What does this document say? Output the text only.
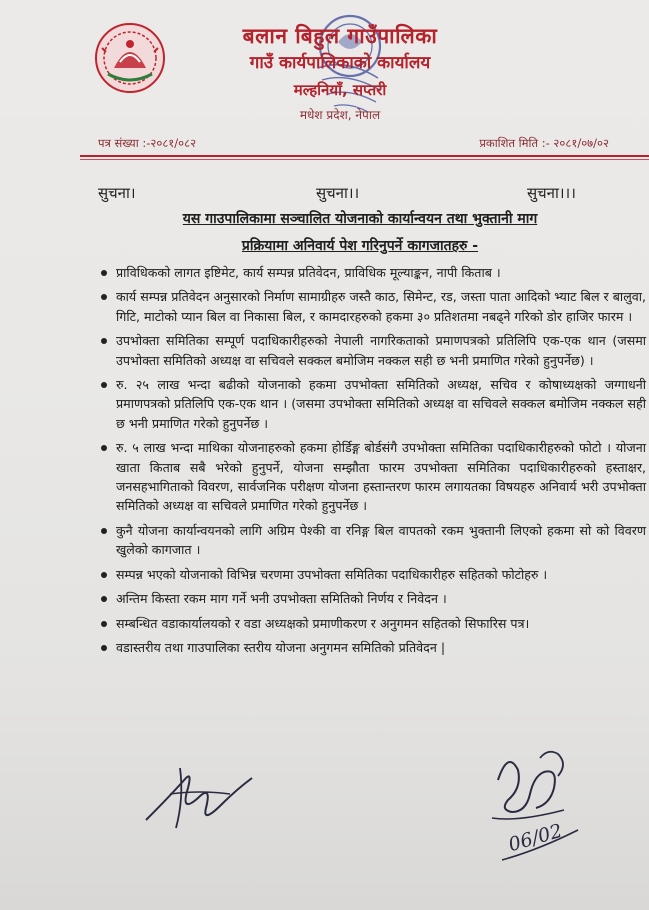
बलान बिहुल गाउँपालिका
गाउँ कार्यपालिकाको कार्यालय
मल्हनियाँ, सप्तरी
मधेश प्रदेश, नेपाल
पत्र संख्या :-२०८१/०८२	प्रकाशित मिति :- २०८१/०७/०२
सुचना।	सुचना।।	सुचना।।।
यस गाउपालिकामा सञ्चालित योजनाको कार्यान्वयन तथा भुक्तानी माग
प्रक्रियामा अनिवार्य पेश गरिनुपर्ने कागजातहरु -
प्राविधिकको लागत इष्टिमेट, कार्य सम्पन्न प्रतिवेदन, प्राविधिक मूल्याङ्कन, नापी किताब ।
कार्य सम्पन्न प्रतिवेदन अनुसारको निर्माण सामाग्रीहरु जस्तै काठ, सिमेन्ट, रड, जस्ता पाता आदिको भ्याट बिल र बालुवा, गिटि, माटोको प्यान बिल वा निकासा बिल, र कामदारहरुको हकमा ३० प्रतिशतमा नबढ्ने गरिको डोर हाजिर फारम ।
उपभोक्ता समितिका सम्पूर्ण पदाधिकारीहरुको नेपाली नागरिकताको प्रमाणपत्रको प्रतिलिपि एक-एक थान (जसमा उपभोक्ता समितिको अध्यक्ष वा सचिवले सक्कल बमोजिम नक्कल सही छ भनी प्रमाणित गरेको हुनुपर्नेछ) ।
रु. २५ लाख भन्दा बढीको योजनाको हकमा उपभोक्ता समितिको अध्यक्ष, सचिव र कोषाध्यक्षको जग्गाधनी प्रमाणपत्रको प्रतिलिपि एक-एक थान । (जसमा उपभोक्ता समितिको अध्यक्ष वा सचिवले सक्कल बमोजिम नक्कल सही छ भनी प्रमाणित गरेको हुनुपर्नेछ ।
रु. ५ लाख भन्दा माथिका योजनाहरुको हकमा होर्डिङ्ग बोर्डसंगै उपभोक्ता समितिका पदाधिकारीहरुको फोटो । योजना खाता किताब सबै भरेको हुनुपर्ने, योजना सम्झौता फारम उपभोक्ता समितिका पदाधिकारीहरुको हस्ताक्षर, जनसहभागिताको विवरण, सार्वजनिक परीक्षण योजना हस्तान्तरण फारम लगायतका विषयहरु अनिवार्य भरी उपभोक्ता समितिको अध्यक्ष वा सचिवले प्रमाणित गरेको हुनुपर्नेछ ।
कुनै योजना कार्यान्वयनको लागि अग्रिम पेश्की वा रनिङ्ग बिल वापतको रकम भुक्तानी लिएको हकमा सो को विवरण खुलेको कागजात ।
सम्पन्न भएको योजनाको विभिन्न चरणमा उपभोक्ता समितिका पदाधिकारीहरु सहितको फोटोहरु ।
अन्तिम किस्ता रकम माग गर्ने भनी उपभोक्ता समितिको निर्णय र निवेदन ।
सम्बन्धित वडाकार्यालयको र वडा अध्यक्षको प्रमाणीकरण र अनुगमन सहितको सिफारिस पत्र।
वडास्तरीय तथा गाउपालिका स्तरीय योजना अनुगमन समितिको प्रतिवेदन |
06/02
